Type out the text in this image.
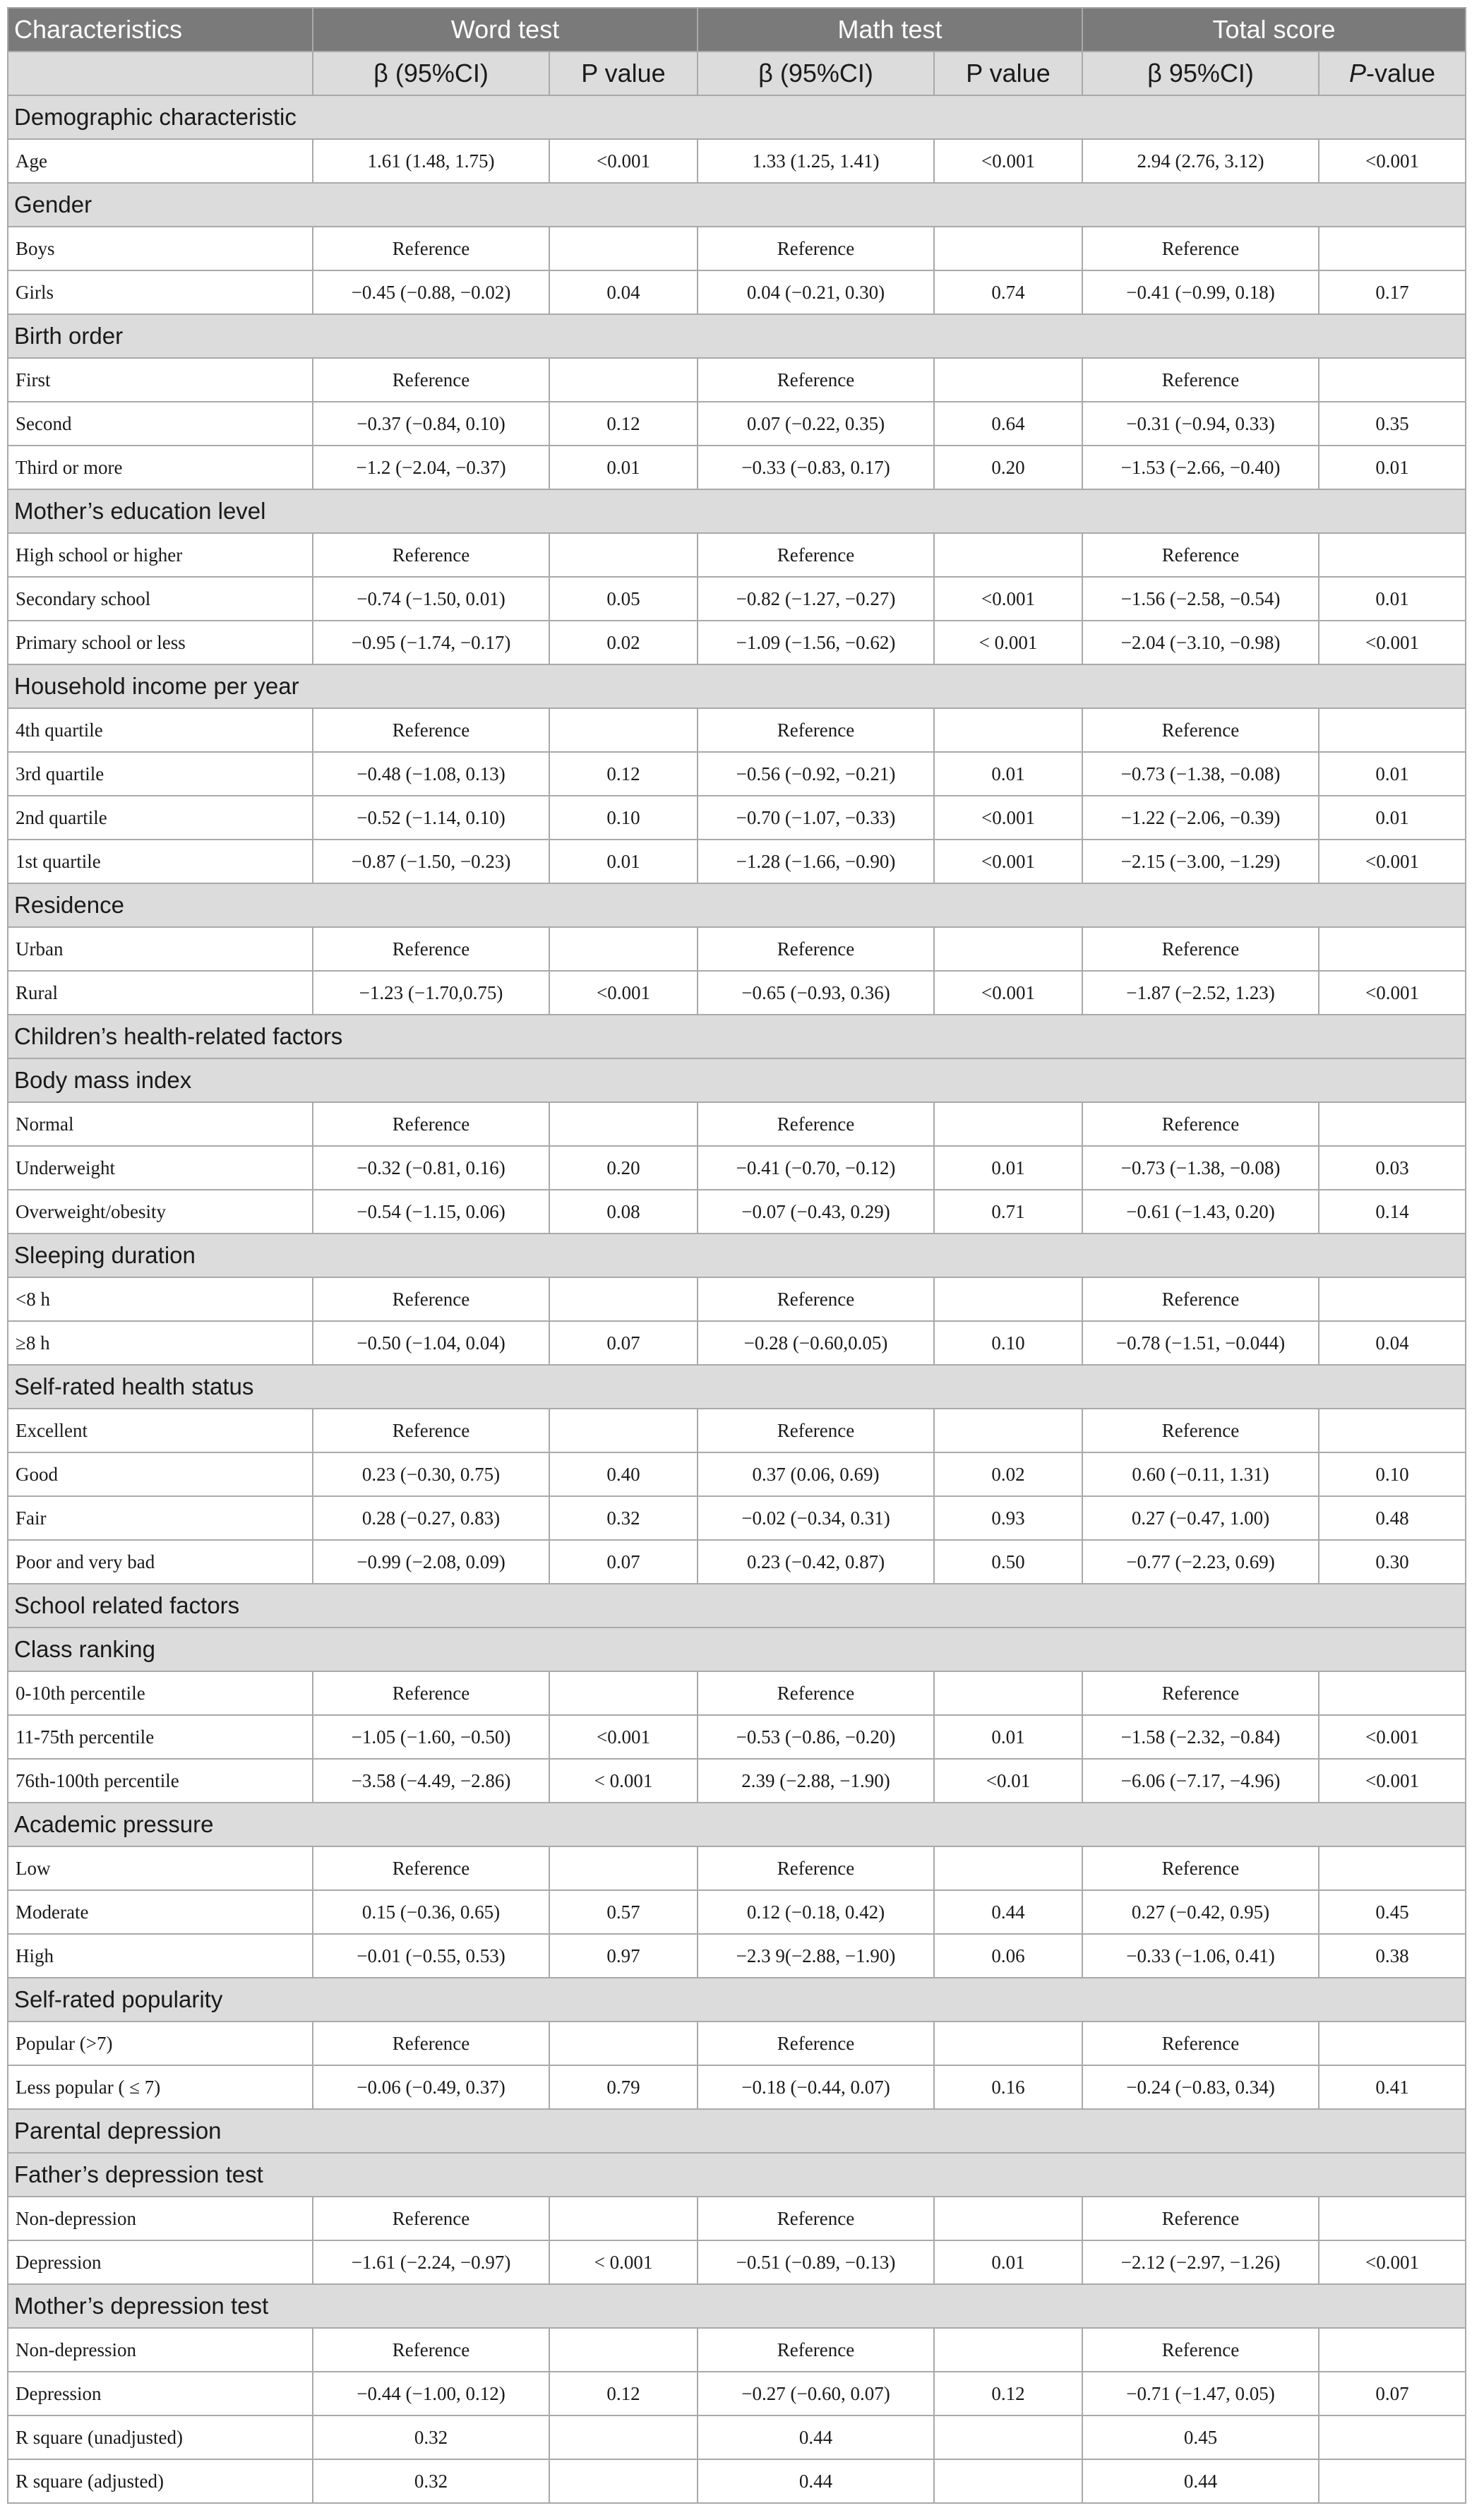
Characteristics	Word test		Math test		Total score	
	β (95%CI)	P value	β (95%CI)	P value	β 95%CI)	P-value
Demographic characteristic						
Age	1.61 (1.48, 1.75)	<0.001	1.33 (1.25, 1.41)	<0.001	2.94 (2.76, 3.12)	<0.001
Gender						
Boys	Reference		Reference		Reference	
Girls	−0.45 (−0.88, −0.02)	0.04	0.04 (−0.21, 0.30)	0.74	−0.41 (−0.99, 0.18)	0.17
Birth order						
First	Reference		Reference		Reference	
Second	−0.37 (−0.84, 0.10)	0.12	0.07 (−0.22, 0.35)	0.64	−0.31 (−0.94, 0.33)	0.35
Third or more	−1.2 (−2.04, −0.37)	0.01	−0.33 (−0.83, 0.17)	0.20	−1.53 (−2.66, −0.40)	0.01
Mother’s education level						
High school or higher	Reference		Reference		Reference	
Secondary school	−0.74 (−1.50, 0.01)	0.05	−0.82 (−1.27, −0.27)	<0.001	−1.56 (−2.58, −0.54)	0.01
Primary school or less	−0.95 (−1.74, −0.17)	0.02	−1.09 (−1.56, −0.62)	< 0.001	−2.04 (−3.10, −0.98)	<0.001
Household income per year						
4th quartile	Reference		Reference		Reference	
3rd quartile	−0.48 (−1.08, 0.13)	0.12	−0.56 (−0.92, −0.21)	0.01	−0.73 (−1.38, −0.08)	0.01
2nd quartile	−0.52 (−1.14, 0.10)	0.10	−0.70 (−1.07, −0.33)	<0.001	−1.22 (−2.06, −0.39)	0.01
1st quartile	−0.87 (−1.50, −0.23)	0.01	−1.28 (−1.66, −0.90)	<0.001	−2.15 (−3.00, −1.29)	<0.001
Residence						
Urban	Reference		Reference		Reference	
Rural	−1.23 (−1.70,0.75)	<0.001	−0.65 (−0.93, 0.36)	<0.001	−1.87 (−2.52, 1.23)	<0.001
Children’s health-related factors						
Body mass index						
Normal	Reference		Reference		Reference	
Underweight	−0.32 (−0.81, 0.16)	0.20	−0.41 (−0.70, −0.12)	0.01	−0.73 (−1.38, −0.08)	0.03
Overweight/obesity	−0.54 (−1.15, 0.06)	0.08	−0.07 (−0.43, 0.29)	0.71	−0.61 (−1.43, 0.20)	0.14
Sleeping duration						
<8 h	Reference		Reference		Reference	
≥8 h	−0.50 (−1.04, 0.04)	0.07	−0.28 (−0.60,0.05)	0.10	−0.78 (−1.51, −0.044)	0.04
Self-rated health status						
Excellent	Reference		Reference		Reference	
Good	0.23 (−0.30, 0.75)	0.40	0.37 (0.06, 0.69)	0.02	0.60 (−0.11, 1.31)	0.10
Fair	0.28 (−0.27, 0.83)	0.32	−0.02 (−0.34, 0.31)	0.93	0.27 (−0.47, 1.00)	0.48
Poor and very bad	−0.99 (−2.08, 0.09)	0.07	0.23 (−0.42, 0.87)	0.50	−0.77 (−2.23, 0.69)	0.30
School related factors						
Class ranking						
0-10th percentile	Reference		Reference		Reference	
11-75th percentile	−1.05 (−1.60, −0.50)	<0.001	−0.53 (−0.86, −0.20)	0.01	−1.58 (−2.32, −0.84)	<0.001
76th-100th percentile	−3.58 (−4.49, −2.86)	< 0.001	2.39 (−2.88, −1.90)	<0.01	−6.06 (−7.17, −4.96)	<0.001
Academic pressure						
Low	Reference		Reference		Reference	
Moderate	0.15 (−0.36, 0.65)	0.57	0.12 (−0.18, 0.42)	0.44	0.27 (−0.42, 0.95)	0.45
High	−0.01 (−0.55, 0.53)	0.97	−2.3 9(−2.88, −1.90)	0.06	−0.33 (−1.06, 0.41)	0.38
Self-rated popularity						
Popular (>7)	Reference		Reference		Reference	
Less popular ( ≤ 7)	−0.06 (−0.49, 0.37)	0.79	−0.18 (−0.44, 0.07)	0.16	−0.24 (−0.83, 0.34)	0.41
Parental depression						
Father’s depression test						
Non-depression	Reference		Reference		Reference	
Depression	−1.61 (−2.24, −0.97)	< 0.001	−0.51 (−0.89, −0.13)	0.01	−2.12 (−2.97, −1.26)	<0.001
Mother’s depression test						
Non-depression	Reference		Reference		Reference	
Depression	−0.44 (−1.00, 0.12)	0.12	−0.27 (−0.60, 0.07)	0.12	−0.71 (−1.47, 0.05)	0.07
R square (unadjusted)	0.32		0.44		0.45	
R square (adjusted)	0.32		0.44		0.44	
